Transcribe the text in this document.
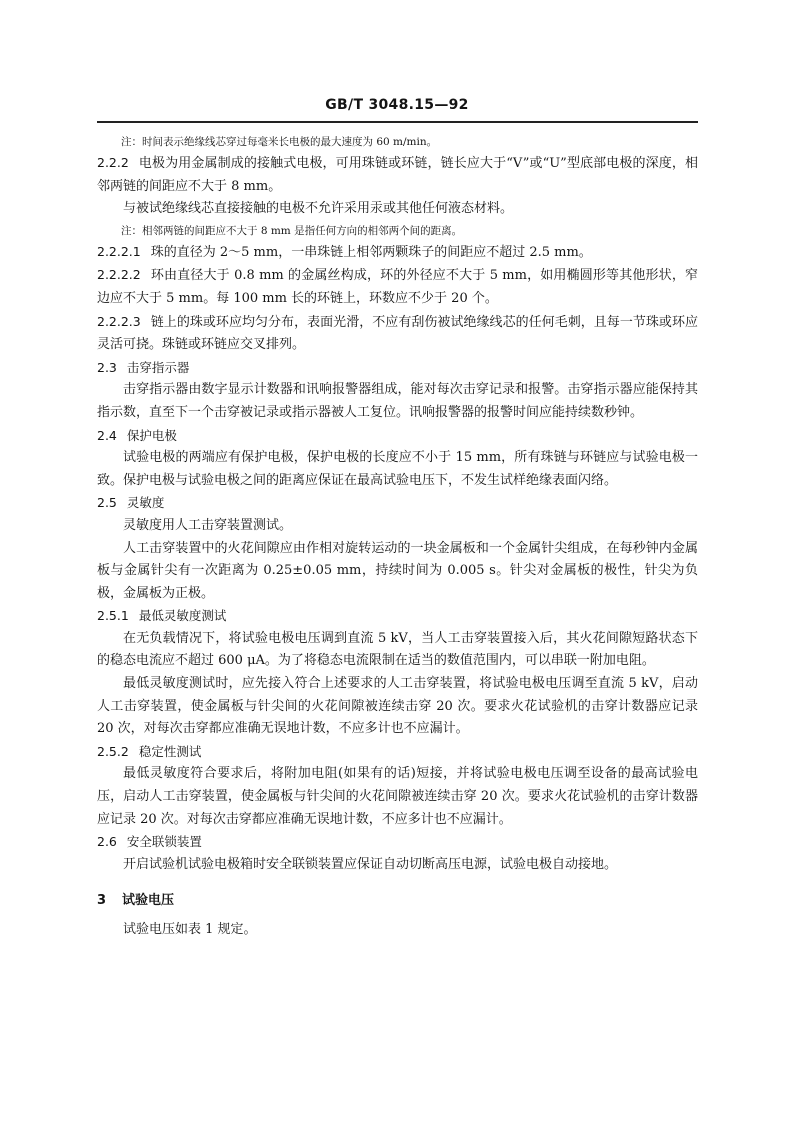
GB/T 3048.15—92

注：时间表示绝缘线芯穿过每毫米长电极的最大速度为 60 m/min。

2.2.2 电极为用金属制成的接触式电极，可用珠链或环链，链长应大于“V”或“U”型底部电极的深度，相邻两链的间距应不大于 8 mm。

与被试绝缘线芯直接接触的电极不允许采用汞或其他任何液态材料。

注：相邻两链的间距应不大于 8 mm 是指任何方向的相邻两个间的距离。

2.2.2.1 珠的直径为 2～5 mm，一串珠链上相邻两颗珠子的间距应不超过 2.5 mm。

2.2.2.2 环由直径大于 0.8 mm 的金属丝构成，环的外径应不大于 5 mm，如用椭圆形等其他形状，窄边应不大于 5 mm。每 100 mm 长的环链上，环数应不少于 20 个。

2.2.2.3 链上的珠或环应均匀分布，表面光滑，不应有刮伤被试绝缘线芯的任何毛刺，且每一节珠或环应灵活可挠。珠链或环链应交叉排列。

2.3 击穿指示器

击穿指示器由数字显示计数器和讯响报警器组成，能对每次击穿记录和报警。击穿指示器应能保持其指示数，直至下一个击穿被记录或指示器被人工复位。讯响报警器的报警时间应能持续数秒钟。

2.4 保护电极

试验电极的两端应有保护电极，保护电极的长度应不小于 15 mm，所有珠链与环链应与试验电极一致。保护电极与试验电极之间的距离应保证在最高试验电压下，不发生试样绝缘表面闪络。

2.5 灵敏度

灵敏度用人工击穿装置测试。

人工击穿装置中的火花间隙应由作相对旋转运动的一块金属板和一个金属针尖组成，在每秒钟内金属板与金属针尖有一次距离为 0.25±0.05 mm，持续时间为 0.005 s。针尖对金属板的极性，针尖为负极，金属板为正极。

2.5.1 最低灵敏度测试

在无负载情况下，将试验电极电压调到直流 5 kV，当人工击穿装置接入后，其火花间隙短路状态下的稳态电流应不超过 600 μA。为了将稳态电流限制在适当的数值范围内，可以串联一附加电阻。

最低灵敏度测试时，应先接入符合上述要求的人工击穿装置，将试验电极电压调至直流 5 kV，启动人工击穿装置，使金属板与针尖间的火花间隙被连续击穿 20 次。要求火花试验机的击穿计数器应记录 20 次，对每次击穿都应准确无误地计数，不应多计也不应漏计。

2.5.2 稳定性测试

最低灵敏度符合要求后，将附加电阻(如果有的话)短接，并将试验电极电压调至设备的最高试验电压，启动人工击穿装置，使金属板与针尖间的火花间隙被连续击穿 20 次。要求火花试验机的击穿计数器应记录 20 次。对每次击穿都应准确无误地计数，不应多计也不应漏计。

2.6 安全联锁装置

开启试验机试验电极箱时安全联锁装置应保证自动切断高压电源，试验电极自动接地。

3 试验电压

试验电压如表 1 规定。
